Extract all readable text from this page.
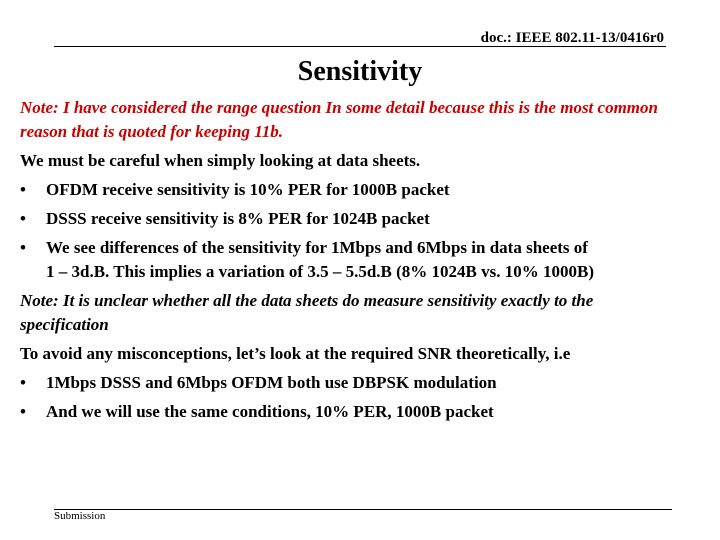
doc.: IEEE 802.11-13/0416r0
Sensitivity

Note: I have considered the range question In some detail because this is the most common reason that is quoted for keeping 11b.

We must be careful when simply looking at data sheets.

•	OFDM receive sensitivity is 10% PER for 1000B packet
•	DSSS receive sensitivity is 8% PER for 1024B packet
•	We see differences of the sensitivity for 1Mbps and 6Mbps in data sheets of
1 – 3d.B. This implies a variation of 3.5 – 5.5d.B (8% 1024B vs. 10% 1000B)

Note: It is unclear whether all the data sheets do measure sensitivity exactly to the specification

To avoid any misconceptions, let’s look at the required SNR theoretically, i.e

•	1Mbps DSSS and 6Mbps OFDM both use DBPSK modulation
•	And we will use the same conditions, 10% PER, 1000B packet
Submission
